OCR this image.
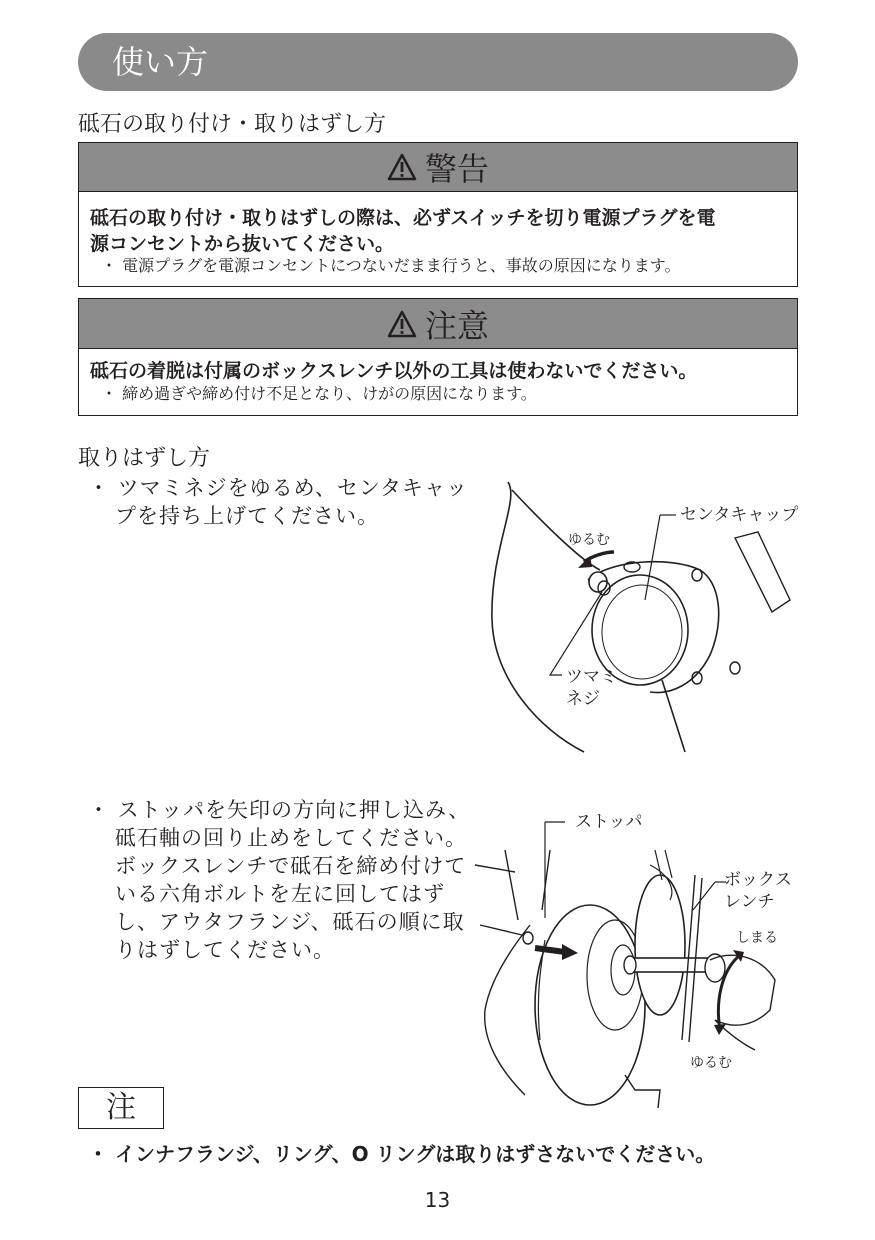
使い方
砥石の取り付け・取りはずし方
警告
砥石の取り付け・取りはずしの際は、必ずスイッチを切り電源プラグを電
源コンセントから抜いてください。
・ 電源プラグを電源コンセントにつないだまま行うと、事故の原因になります。
注意
砥石の着脱は付属のボックスレンチ以外の工具は使わないでください。
・ 締め過ぎや締め付け不足となり、けがの原因になります。
取りはずし方
・ ツマミネジをゆるめ、センタキャッ
プを持ち上げてください。	センタキャップ
ゆるむ
ツマミ
ネジ
・ ストッパを矢印の方向に押し込み、
砥石軸の回り止めをしてください。
ボックスレンチで砥石を締め付けて
いる六角ボルトを左に回してはず
し、アウタフランジ、砥石の順に取
りはずしてください。
ストッパ
ボックス
レンチ
しまる
ゆるむ
注
・ インナフランジ、リング、O リングは取りはずさないでください。
13
